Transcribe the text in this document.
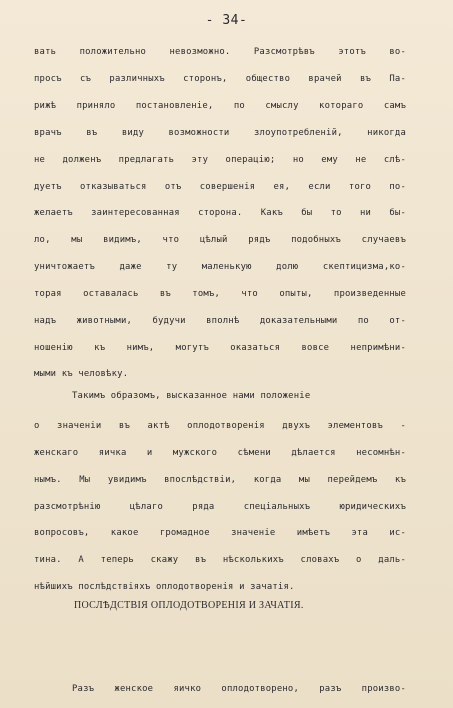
- 34-
вать положительно невозможно. Разсмотрѣвъ этотъ во-
просъ съ различныхъ сторонъ, общество врачей въ Па-
рижѣ приняло постановленіе, по смыслу котораго самъ
врачъ въ виду возможности злоупотребленій, никогда
не долженъ предлагать эту операцію; но ему не слѣ-
дуетъ отказываться отъ совершенія ея, если того по-
желаетъ заинтересованная сторона. Какъ бы то ни бы-
ло, мы видимъ, что цѣлый рядъ подобныхъ случаевъ
уничтожаетъ даже ту маленькую долю скептицизма,ко-
торая оставалась въ томъ, что опыты, произведенные
надъ животными, будучи вполнѣ доказательными по от-
ношенію къ нимъ, могутъ оказаться вовсе непримѣни-
мыми къ человѣку.
Такимъ образомъ, высказанное нами положеніе
о значеніи въ актѣ оплодотворенія двухъ элементовъ -
женскаго яичка и мужского сѣмени дѣлается несомнѣн-
нымъ. Мы увидимъ впослѣдствіи, когда мы перейдемъ къ
разсмотрѣнію цѣлаго ряда спеціальныхъ юридическихъ
вопросовъ, какое громадное значеніе имѣетъ эта ис-
тина. А теперь скажу въ нѣсколькихъ словахъ о даль-
нѣйшихъ послѣдствіяхъ оплодотворенія и зачатія.
Разъ женское яичко оплодотворено, разъ произво-
ПОСЛѢДСТВІЯ ОПЛОДОТВОРЕНІЯ И ЗАЧАТІЯ.
